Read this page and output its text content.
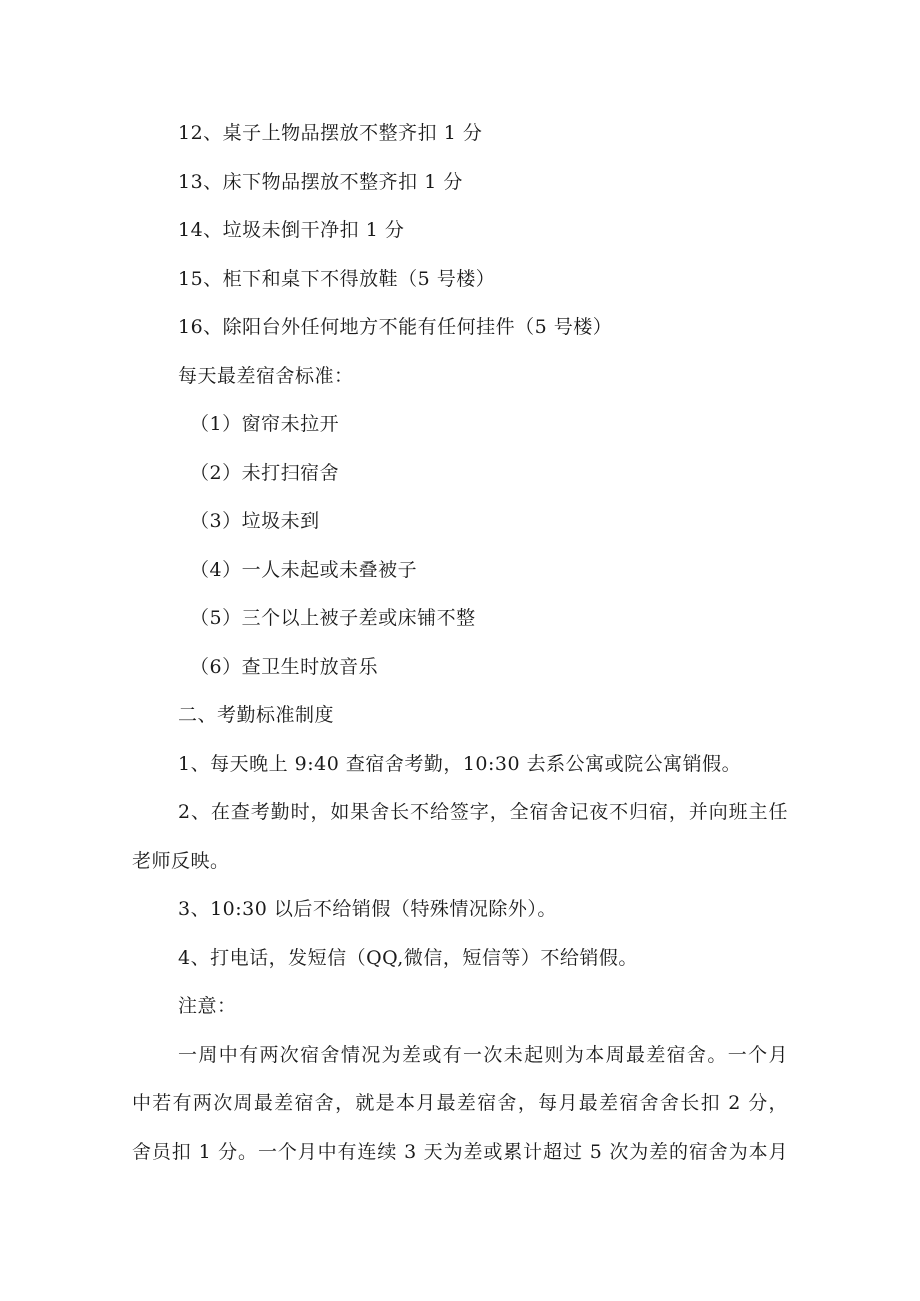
12、桌子上物品摆放不整齐扣 1 分
13、床下物品摆放不整齐扣 1 分
14、垃圾未倒干净扣 1 分
15、柜下和桌下不得放鞋（5 号楼）
16、除阳台外任何地方不能有任何挂件（5 号楼）
每天最差宿舍标准：
（1）窗帘未拉开
（2）未打扫宿舍
（3）垃圾未到
（4）一人未起或未叠被子
（5）三个以上被子差或床铺不整
（6）查卫生时放音乐
二、考勤标准制度
1、每天晚上 9:40 查宿舍考勤，10:30 去系公寓或院公寓销假。
2、在查考勤时，如果舍长不给签字，全宿舍记夜不归宿，并向班主任
老师反映。
3、10:30 以后不给销假（特殊情况除外）。
4、打电话，发短信（QQ,微信，短信等）不给销假。
注意：
一周中有两次宿舍情况为差或有一次未起则为本周最差宿舍。一个月
中若有两次周最差宿舍，就是本月最差宿舍，每月最差宿舍舍长扣 2 分，
舍员扣 1 分。一个月中有连续 3 天为差或累计超过 5 次为差的宿舍为本月
